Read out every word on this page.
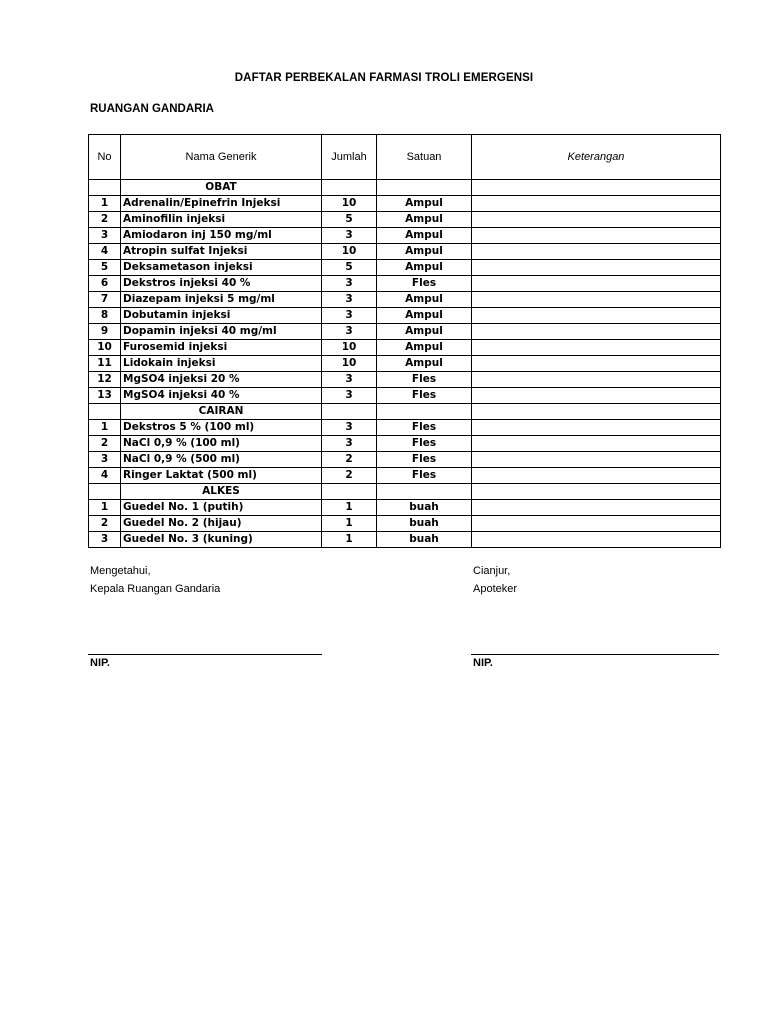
DAFTAR PERBEKALAN FARMASI TROLI EMERGENSI
RUANGAN GANDARIA
No	Nama Generik	Jumlah	Satuan	Keterangan
	OBAT			
1	Adrenalin/Epinefrin Injeksi	10	Ampul	
2	Aminofilin injeksi	5	Ampul	
3	Amiodaron inj 150 mg/ml	3	Ampul	
4	Atropin sulfat Injeksi	10	Ampul	
5	Deksametason injeksi	5	Ampul	
6	Dekstros injeksi 40 %	3	Fles	
7	Diazepam injeksi 5 mg/ml	3	Ampul	
8	Dobutamin injeksi	3	Ampul	
9	Dopamin injeksi 40 mg/ml	3	Ampul	
10	Furosemid injeksi	10	Ampul	
11	Lidokain injeksi	10	Ampul	
12	MgSO4 injeksi 20 %	3	Fles	
13	MgSO4 injeksi 40 %	3	Fles	
	CAIRAN			
1	Dekstros 5 % (100 ml)	3	Fles	
2	NaCl 0,9 % (100 ml)	3	Fles	
3	NaCl 0,9 % (500 ml)	2	Fles	
4	Ringer Laktat (500 ml)	2	Fles	
	ALKES			
1	Guedel No. 1 (putih)	1	buah	
2	Guedel No. 2 (hijau)	1	buah	
3	Guedel No. 3 (kuning)	1	buah	
Mengetahui,
Kepala Ruangan Gandaria
Cianjur,
Apoteker
NIP.	NIP.
